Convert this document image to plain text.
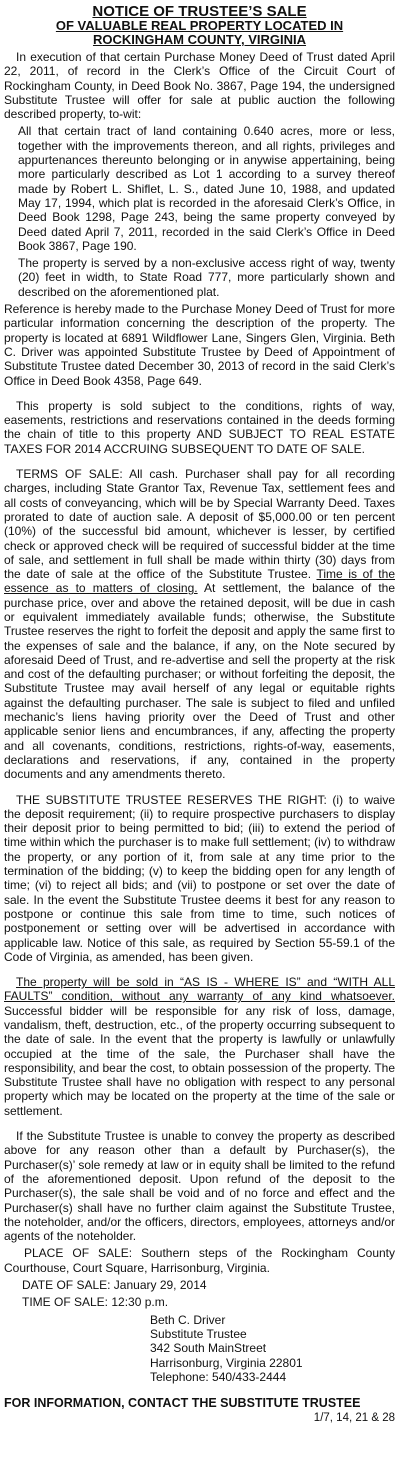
NOTICE OF TRUSTEE’S SALE
OF VALUABLE REAL PROPERTY LOCATED IN
ROCKINGHAM COUNTY, VIRGINIA

In execution of that certain Purchase Money Deed of Trust dated April 22, 2011, of record in the Clerk’s Office of the Circuit Court of Rockingham County, in Deed Book No. 3867, Page 194, the undersigned Substitute Trustee will offer for sale at public auction the following described property, to-wit:

All that certain tract of land containing 0.640 acres, more or less, together with the improvements thereon, and all rights, privileges and appurtenances thereunto belonging or in anywise appertaining, being more particularly described as Lot 1 according to a survey thereof made by Robert L. Shiflet, L. S., dated June 10, 1988, and updated May 17, 1994, which plat is recorded in the aforesaid Clerk’s Office, in Deed Book 1298, Page 243, being the same property conveyed by Deed dated April 7, 2011, recorded in the said Clerk’s Office in Deed Book 3867, Page 190.

The property is served by a non-exclusive access right of way, twenty (20) feet in width, to State Road 777, more particularly shown and described on the aforementioned plat.

Reference is hereby made to the Purchase Money Deed of Trust for more particular information concerning the description of the property. The property is located at 6891 Wildflower Lane, Singers Glen, Virginia. Beth C. Driver was appointed Substitute Trustee by Deed of Appointment of Substitute Trustee dated December 30, 2013 of record in the said Clerk’s Office in Deed Book 4358, Page 649.

This property is sold subject to the conditions, rights of way, easements, restrictions and reservations contained in the deeds forming the chain of title to this property AND SUBJECT TO REAL ESTATE TAXES FOR 2014 ACCRUING SUBSEQUENT TO DATE OF SALE.

TERMS OF SALE: All cash. Purchaser shall pay for all recording charges, including State Grantor Tax, Revenue Tax, settlement fees and all costs of conveyancing, which will be by Special Warranty Deed. Taxes prorated to date of auction sale. A deposit of $5,000.00 or ten percent (10%) of the successful bid amount, whichever is lesser, by certified check or approved check will be required of successful bidder at the time of sale, and settlement in full shall be made within thirty (30) days from the date of sale at the office of the Substitute Trustee. Time is of the essence as to matters of closing. At settlement, the balance of the purchase price, over and above the retained deposit, will be due in cash or equivalent immediately available funds; otherwise, the Substitute Trustee reserves the right to forfeit the deposit and apply the same first to the expenses of sale and the balance, if any, on the Note secured by aforesaid Deed of Trust, and re-advertise and sell the property at the risk and cost of the defaulting purchaser; or without forfeiting the deposit, the Substitute Trustee may avail herself of any legal or equitable rights against the defaulting purchaser. The sale is subject to filed and unfiled mechanic’s liens having priority over the Deed of Trust and other applicable senior liens and encumbrances, if any, affecting the property and all covenants, conditions, restrictions, rights-of-way, easements, declarations and reservations, if any, contained in the property documents and any amendments thereto.

THE SUBSTITUTE TRUSTEE RESERVES THE RIGHT: (i) to waive the deposit requirement; (ii) to require prospective purchasers to display their deposit prior to being permitted to bid; (iii) to extend the period of time within which the purchaser is to make full settlement; (iv) to withdraw the property, or any portion of it, from sale at any time prior to the termination of the bidding; (v) to keep the bidding open for any length of time; (vi) to reject all bids; and (vii) to postpone or set over the date of sale. In the event the Substitute Trustee deems it best for any reason to postpone or continue this sale from time to time, such notices of postponement or setting over will be advertised in accordance with applicable law. Notice of this sale, as required by Section 55-59.1 of the Code of Virginia, as amended, has been given.

The property will be sold in “AS IS - WHERE IS” and “WITH ALL FAULTS” condition, without any warranty of any kind whatsoever. Successful bidder will be responsible for any risk of loss, damage, vandalism, theft, destruction, etc., of the property occurring subsequent to the date of sale. In the event that the property is lawfully or unlawfully occupied at the time of the sale, the Purchaser shall have the responsibility, and bear the cost, to obtain possession of the property. The Substitute Trustee shall have no obligation with respect to any personal property which may be located on the property at the time of the sale or settlement.

If the Substitute Trustee is unable to convey the property as described above for any reason other than a default by Purchaser(s), the Purchaser(s)’ sole remedy at law or in equity shall be limited to the refund of the aforementioned deposit. Upon refund of the deposit to the Purchaser(s), the sale shall be void and of no force and effect and the Purchaser(s) shall have no further claim against the Substitute Trustee, the noteholder, and/or the officers, directors, employees, attorneys and/or agents of the noteholder.

PLACE OF SALE: Southern steps of the Rockingham County Courthouse, Court Square, Harrisonburg, Virginia.

DATE OF SALE: January 29, 2014
TIME OF SALE: 12:30 p.m.
Beth C. Driver
Substitute Trustee
342 South MainStreet
Harrisonburg, Virginia 22801
Telephone: 540/433-2444
FOR INFORMATION, CONTACT THE SUBSTITUTE TRUSTEE
1/7, 14, 21 & 28
